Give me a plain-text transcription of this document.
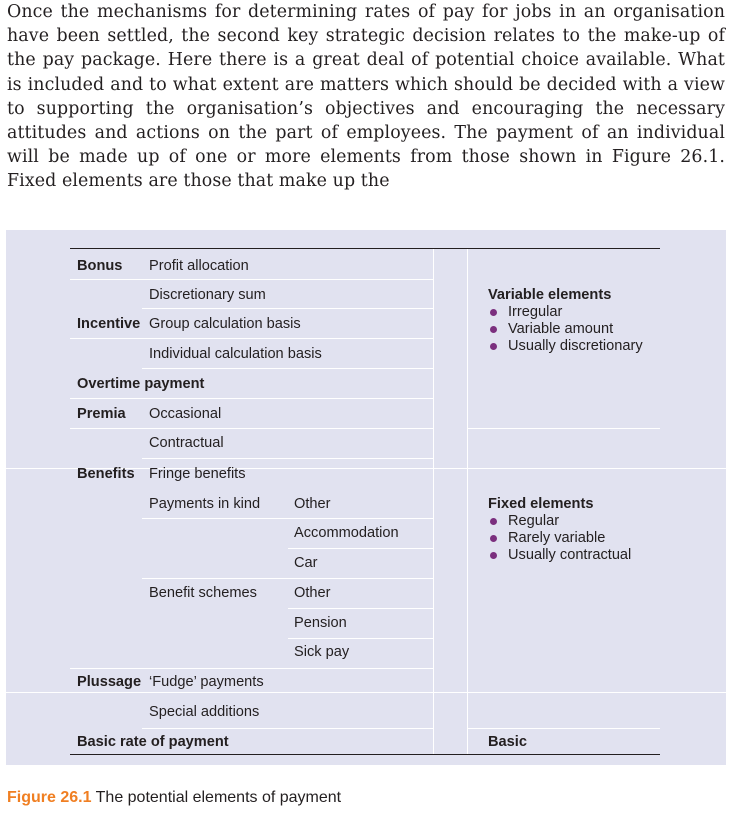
Once the mechanisms for determining rates of pay for jobs in an organisation have been settled, the second key strategic decision relates to the make-up of the pay package. Here there is a great deal of potential choice available. What is included and to what extent are matters which should be decided with a view to supporting the organisation’s objectives and encouraging the necessary attitudes and actions on the part of employees. The payment of an individual will be made up of one or more elements from those shown in Figure 26.1. Fixed elements are those that make up the

Bonus Profit allocation
Discretionary sum
Incentive Group calculation basis
Individual calculation basis
Overtime payment
Premia Occasional
Contractual
Benefits Fringe benefits
Payments in kind Other
Accommodation
Car
Benefit schemes	Other
Pension
Sick pay
Plussage ‘Fudge’ payments
Special additions
Basic rate of payment
Variable elements
Irregular
Variable amount
Usually discretionary
Fixed elements
Regular
Rarely variable
Usually contractual
Basic
Figure 26.1 The potential elements of payment
